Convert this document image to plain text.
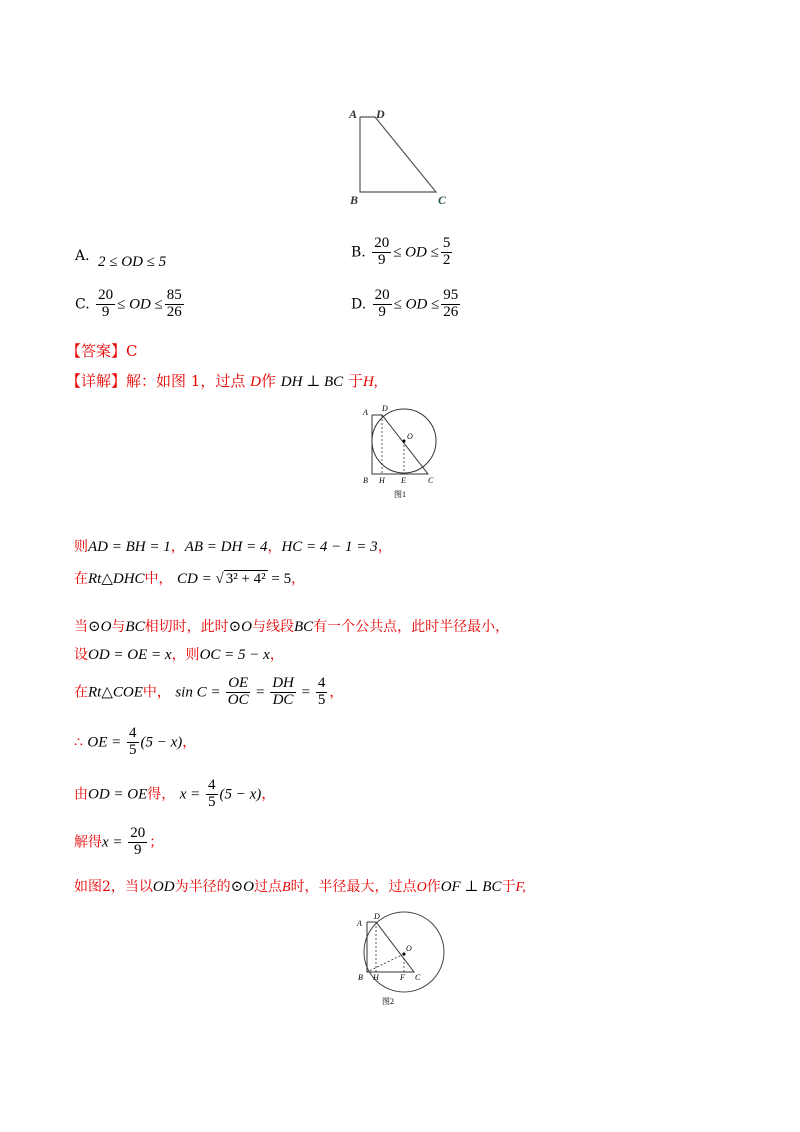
A D
B	C
A. 2 ≤ OD ≤ 5
B. $\frac{20}{9}$ ≤ OD ≤ $\frac{5}{2}$
C. $\frac{20}{9}$ ≤ OD ≤ $\frac{85}{26}$	D. $\frac{20}{9}$ ≤ OD ≤ $\frac{95}{26}$
【答案】C
【详解】解：如图 1，过点 D作 DH ⊥ BC 于H,
A D
O
B H E	C
图1
则AD = BH = 1，AB = DH = 4，HC = 4 − 1 = 3，
在Rt△DHC中， CD = √ 3² + 4² = 5，
当⊙O与BC相切时，此时⊙O与线段BC有一个公共点，此时半径最小，
设OD = OE = x，则OC = 5 − x，
在Rt△COE中， $\sin C = \frac{OE}{OC} = \frac{DH}{DC} = \frac{4}{5}$ ，
∴ OE = $\frac{4}{5} (5 - x)$，
由OD = OE得， $x = \frac{4}{5} (5 - x)$，
解得$x = \frac{20}{9}$ ；
如图2，当以OD为半径的⊙O过点B时，半径最大，过点O作OF ⊥ BC于F,
A
D
O
B H	F C
图2
